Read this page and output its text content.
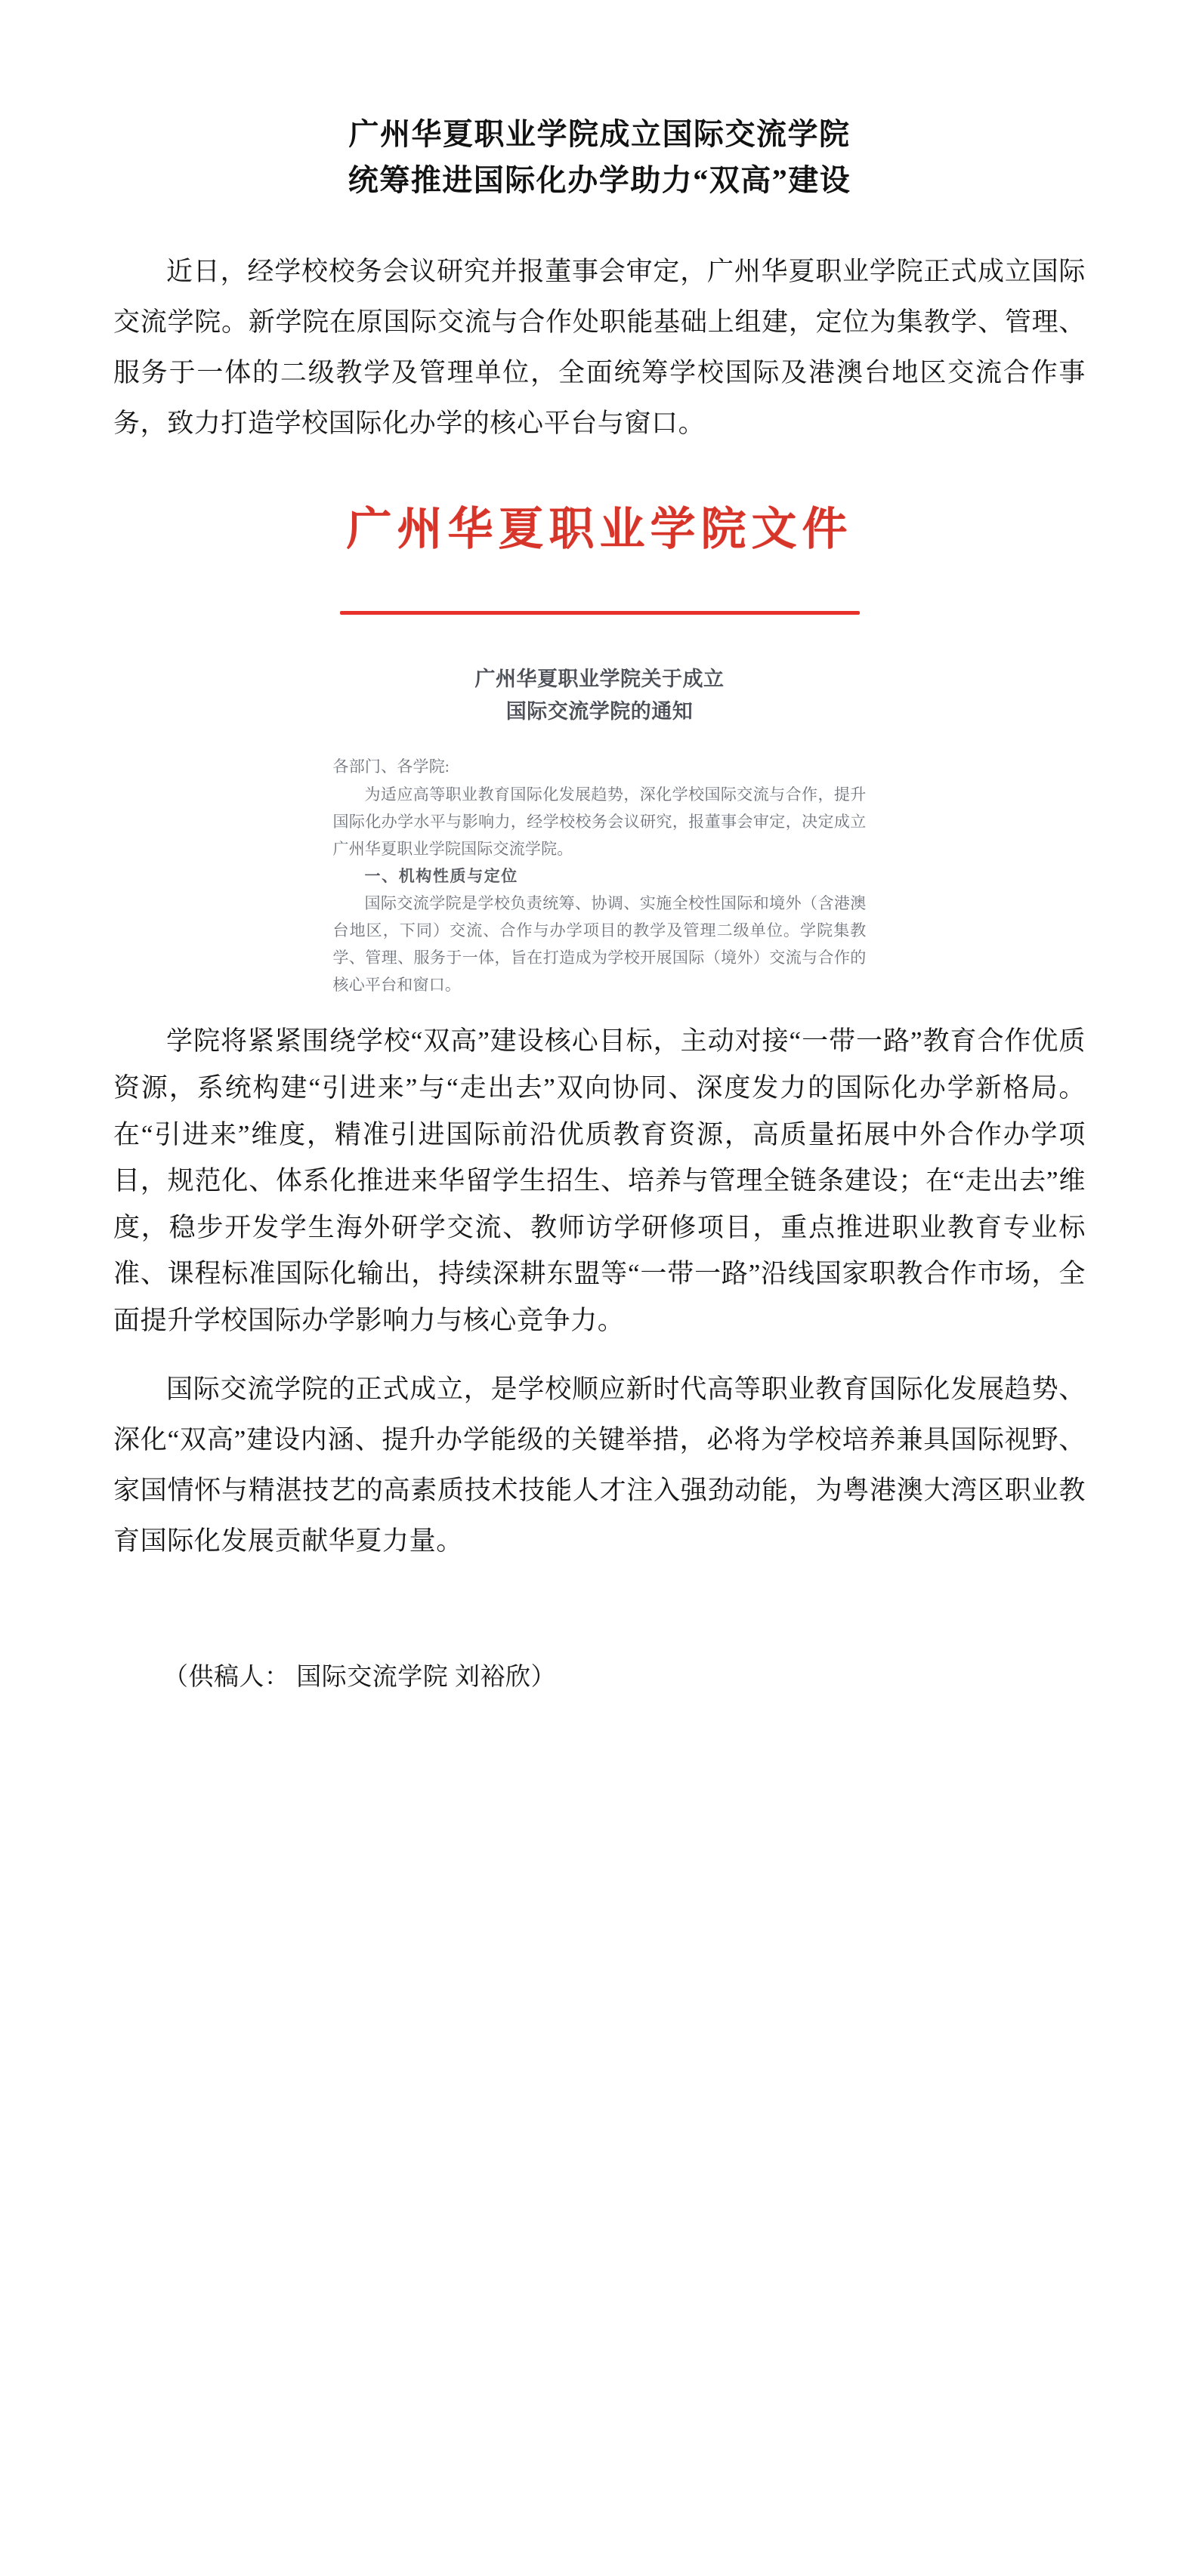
广州华夏职业学院成立国际交流学院
统筹推进国际化办学助力“双高”建设

近日，经学校校务会议研究并报董事会审定，广州华夏职业学院正式成立国际交流学院。新学院在原国际交流与合作处职能基础上组建，定位为集教学、管理、服务于一体的二级教学及管理单位，全面统筹学校国际及港澳台地区交流合作事务，致力打造学校国际化办学的核心平台与窗口。

广州华夏职业学院文件
广州华夏职业学院关于成立
国际交流学院的通知

各部门、各学院:

为适应高等职业教育国际化发展趋势，深化学校国际交流与合作，提升国际化办学水平与影响力，经学校校务会议研究，报董事会审定，决定成立广州华夏职业学院国际交流学院。

一、机构性质与定位

国际交流学院是学校负责统筹、协调、实施全校性国际和境外（含港澳台地区，下同）交流、合作与办学项目的教学及管理二级单位。学院集教学、管理、服务于一体，旨在打造成为学校开展国际（境外）交流与合作的核心平台和窗口。

学院将紧紧围绕学校“双高”建设核心目标，主动对接“一带一路”教育合作优质资源，系统构建“引进来”与“走出去”双向协同、深度发力的国际化办学新格局。在“引进来”维度，精准引进国际前沿优质教育资源，高质量拓展中外合作办学项目，规范化、体系化推进来华留学生招生、培养与管理全链条建设；在“走出去”维度，稳步开发学生海外研学交流、教师访学研修项目，重点推进职业教育专业标准、课程标准国际化输出，持续深耕东盟等“一带一路”沿线国家职教合作市场，全面提升学校国际办学影响力与核心竞争力。

国际交流学院的正式成立，是学校顺应新时代高等职业教育国际化发展趋势、深化“双高”建设内涵、提升办学能级的关键举措，必将为学校培养兼具国际视野、家国情怀与精湛技艺的高素质技术技能人才注入强劲动能，为粤港澳大湾区职业教育国际化发展贡献华夏力量。

（供稿人： 国际交流学院 刘裕欣）
